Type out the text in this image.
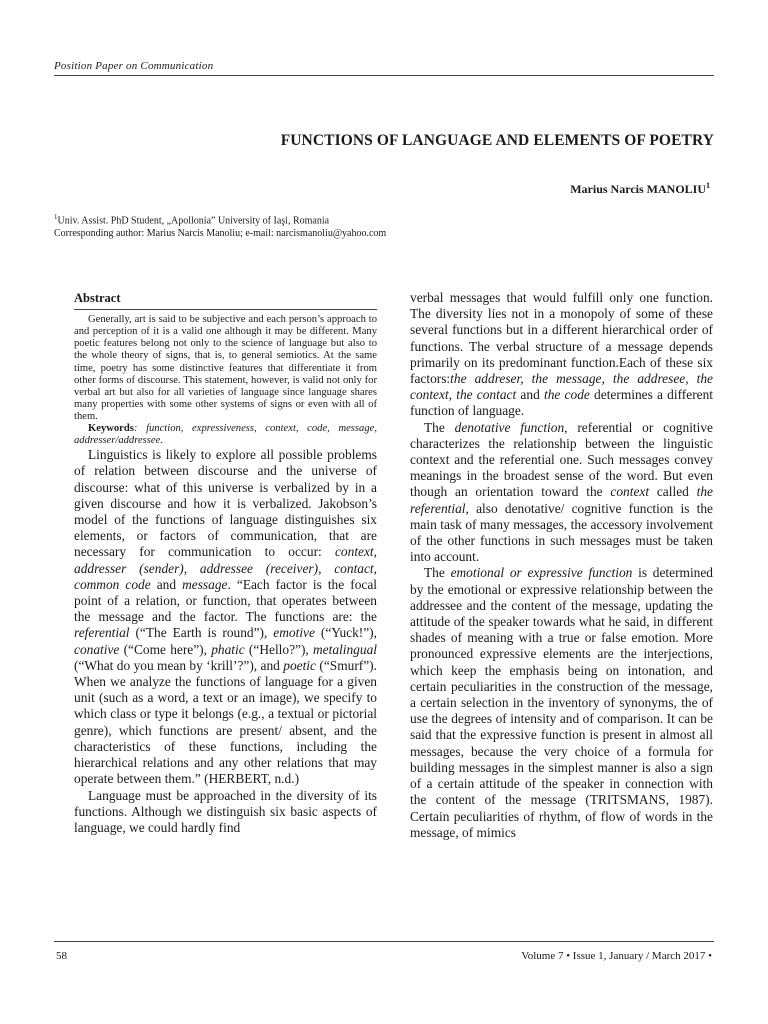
Position Paper on Communication
FUNCTIONS OF LANGUAGE AND ELEMENTS OF POETRY
Marius Narcis MANOLIU$^1$
$^1$Univ. Assist. PhD Student, „Apollonia” University of Iaşi, Romania
Corresponding author: Marius Narcis Manoliu; e-mail: narcismanoliu@yahoo.com
Abstract

Generally, art is said to be subjective and each person’s approach to and perception of it is a valid one although it may be different. Many poetic features belong not only to the science of language but also to the whole theory of signs, that is, to general semiotics. At the same time, poetry has some distinctive features that differentiate it from other forms of discourse. This statement, however, is valid not only for verbal art but also for all varieties of language since language shares many properties with some other systems of signs or even with all of them.

Keywords: function, expressiveness, context, code, message, addresser/addressee.

Linguistics is likely to explore all possible problems of relation between discourse and the universe of discourse: what of this universe is verbalized by in a given discourse and how it is verbalized. Jakobson’s model of the functions of language distinguishes six elements, or factors of communication, that are necessary for communication to occur: context, addresser (sender), addressee (receiver), contact, common code and message. “Each factor is the focal point of a relation, or function, that operates between the message and the factor. The functions are: the referential (“The Earth is round”), emotive (“Yuck!”), conative (“Come here”), phatic (“Hello?”), metalingual (“What do you mean by ‘krill’?”), and poetic (“Smurf”). When we analyze the functions of language for a given unit (such as a word, a text or an image), we specify to which class or type it belongs (e.g., a textual or pictorial genre), which functions are present/ absent, and the characteristics of these functions, including the hierarchical relations and any other relations that may operate between them.” (HERBERT, n.d.)

Language must be approached in the diversity of its functions. Although we distinguish six basic aspects of language, we could hardly find

verbal messages that would fulfill only one function. The diversity lies not in a monopoly of some of these several functions but in a different hierarchical order of functions. The verbal structure of a message depends primarily on its predominant function.Each of these six factors:the addreser, the message, the addresee, the context, the contact and the code determines a different function of language.

The denotative function, referential or cognitive characterizes the relationship between the linguistic context and the referential one. Such messages convey meanings in the broadest sense of the word. But even though an orientation toward the context called the referential, also denotative/ cognitive function is the main task of many messages, the accessory involvement of the other functions in such messages must be taken into account.

The emotional or expressive function is determined by the emotional or expressive relationship between the addressee and the content of the message, updating the attitude of the speaker towards what he said, in different shades of meaning with a true or false emotion. More pronounced expressive elements are the interjections, which keep the emphasis being on intonation, and certain peculiarities in the construction of the message, a certain selection in the inventory of synonyms, the of use the degrees of intensity and of comparison. It can be said that the expressive function is present in almost all messages, because the very choice of a formula for building messages in the simplest manner is also a sign of a certain attitude of the speaker in connection with the content of the message (TRITSMANS, 1987). Certain peculiarities of rhythm, of flow of words in the message, of mimics

58	Volume 7 • Issue 1, January / March 2017 •
